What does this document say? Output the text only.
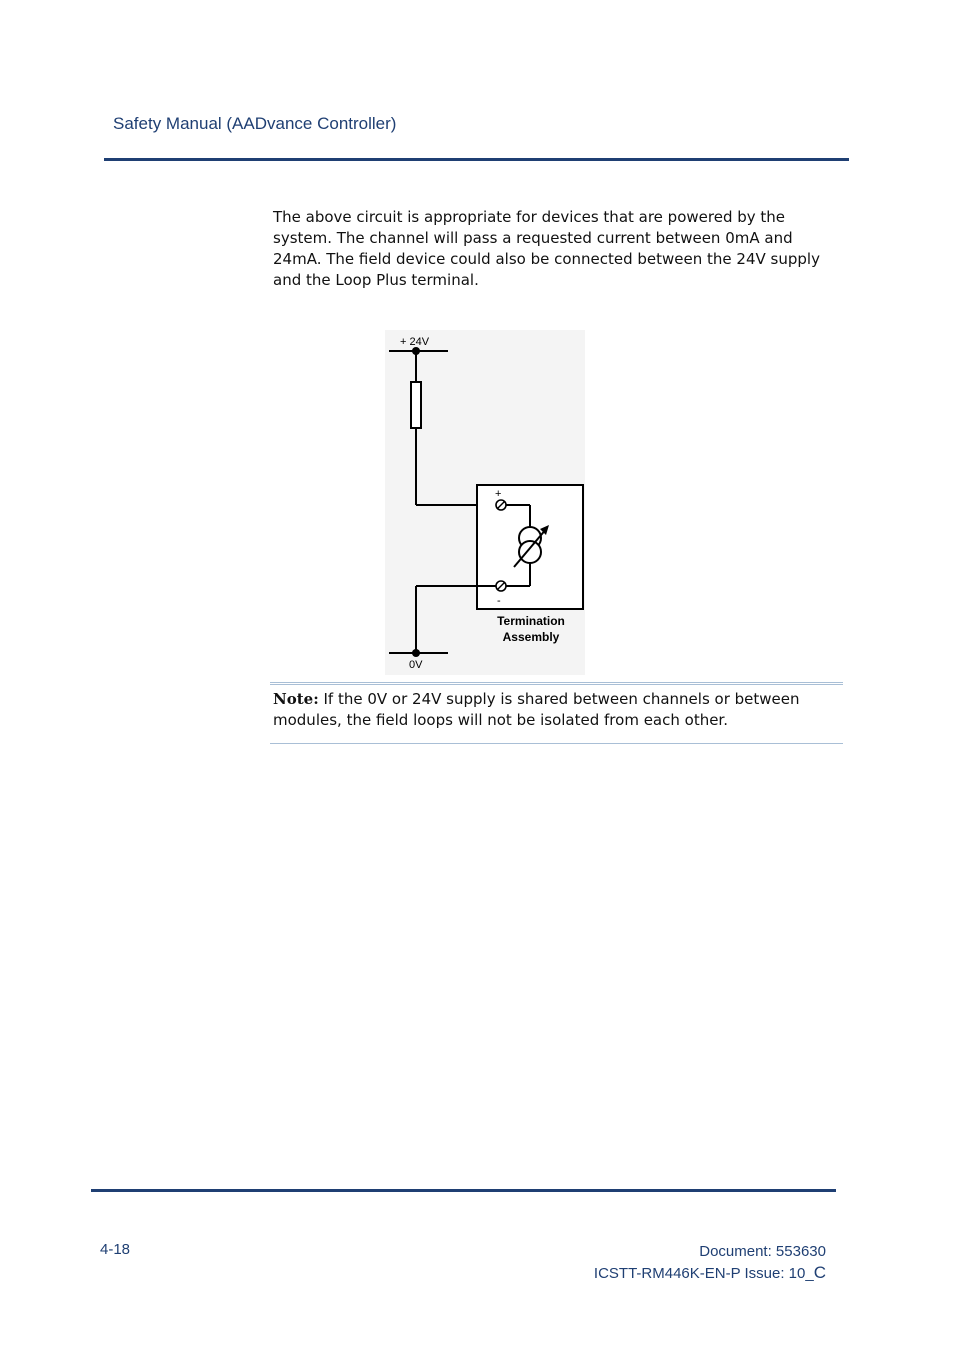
Safety Manual (AADvance Controller)
The above circuit is appropriate for devices that are powered by the system. The channel will pass a requested current between 0mA and 24mA. The field device could also be connected between the 24V supply and the Loop Plus terminal.
+ 24V
+
-
Termination
Assembly
0V
Note: If the 0V or 24V supply is shared between channels or between modules, the field loops will not be isolated from each other.
4-18	Document: 553630
ICSTT-RM446K-EN-P Issue: 10_C
